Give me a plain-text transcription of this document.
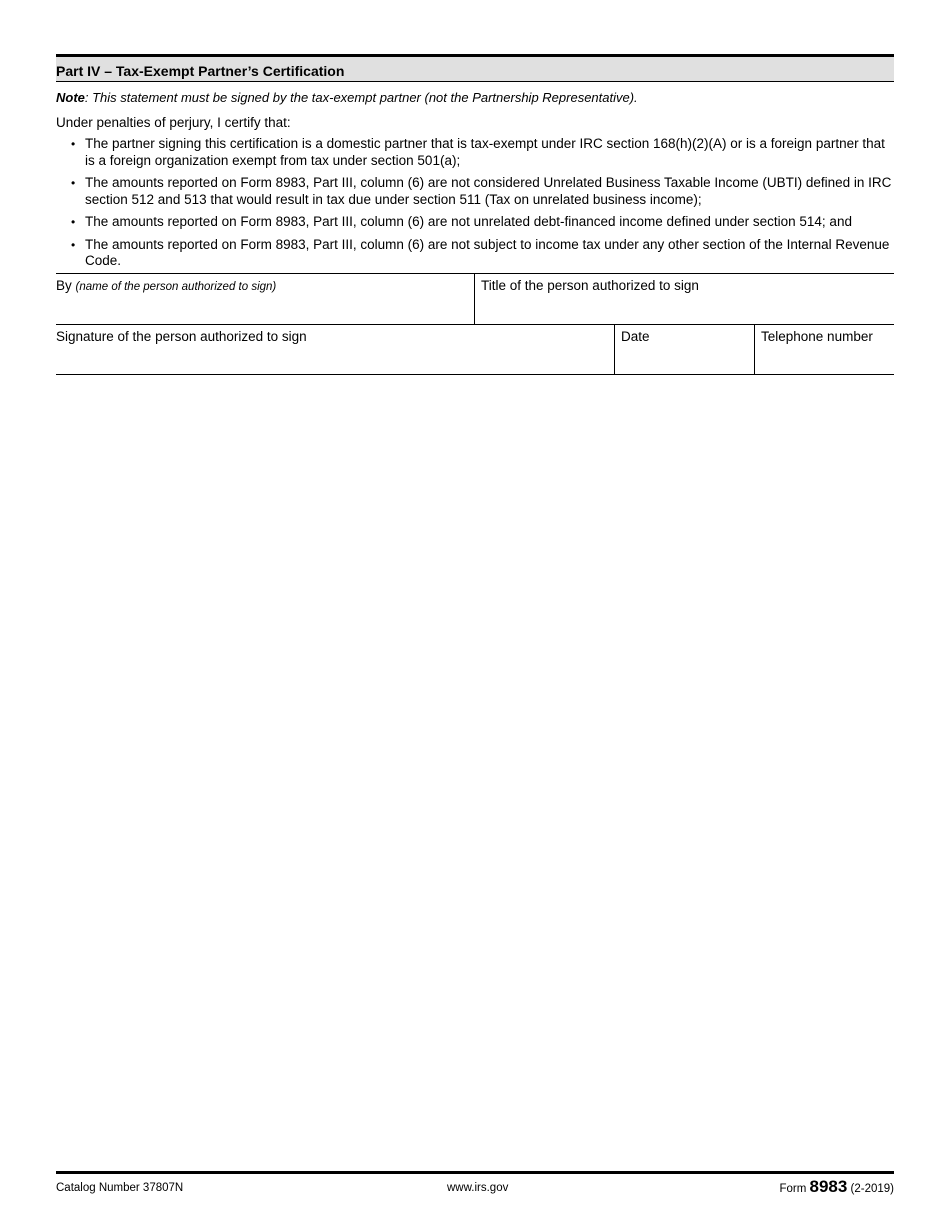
Part IV – Tax-Exempt Partner’s Certification
Note: This statement must be signed by the tax-exempt partner (not the Partnership Representative).
Under penalties of perjury, I certify that:
• The partner signing this certification is a domestic partner that is tax-exempt under IRC section 168(h)(2)(A) or is a foreign partner that is a foreign organization exempt from tax under section 501(a);
• The amounts reported on Form 8983, Part III, column (6) are not considered Unrelated Business Taxable Income (UBTI) defined in IRC section 512 and 513 that would result in tax due under section 511 (Tax on unrelated business income);
• The amounts reported on Form 8983, Part III, column (6) are not unrelated debt-financed income defined under section 514; and
• The amounts reported on Form 8983, Part III, column (6) are not subject to income tax under any other section of the Internal Revenue Code.
By (name of the person authorized to sign)	Title of the person authorized to sign
Signature of the person authorized to sign	Date	Telephone number
Catalog Number 37807N	www.irs.gov	Form 8983 (2-2019)
